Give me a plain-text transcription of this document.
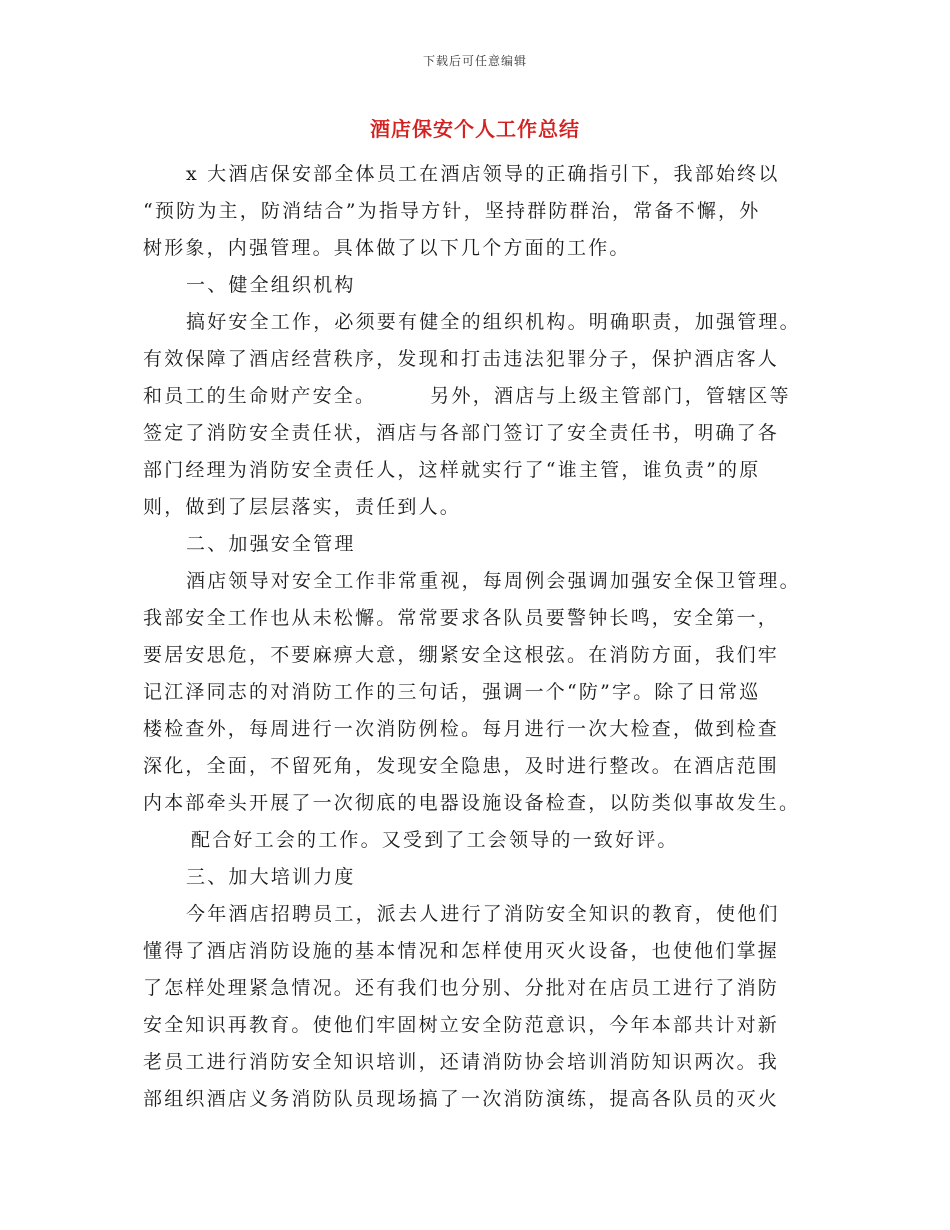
下载后可任意编辑
酒店保安个人工作总结
x 大酒店保安部全体员工在酒店领导的正确指引下，我部始终以
“预防为主，防消结合”为指导方针，坚持群防群治，常备不懈，外
树形象，内强管理。具体做了以下几个方面的工作。
一、健全组织机构
搞好安全工作，必须要有健全的组织机构。明确职责，加强管理。
有效保障了酒店经营秩序，发现和打击违法犯罪分子，保护酒店客人
和员工的生命财产安全。　　　另外，酒店与上级主管部门，管辖区等
签定了消防安全责任状，酒店与各部门签订了安全责任书，明确了各
部门经理为消防安全责任人，这样就实行了“谁主管，谁负责”的原
则，做到了层层落实，责任到人。
二、加强安全管理
酒店领导对安全工作非常重视，每周例会强调加强安全保卫管理。
我部安全工作也从未松懈。常常要求各队员要警钟长鸣，安全第一，
要居安思危，不要麻痹大意，绷紧安全这根弦。在消防方面，我们牢
记江泽同志的对消防工作的三句话，强调一个“防”字。除了日常巡
楼检查外，每周进行一次消防例检。每月进行一次大检查，做到检查
深化，全面，不留死角，发现安全隐患，及时进行整改。在酒店范围
内本部牵头开展了一次彻底的电器设施设备检查，以防类似事故发生。
配合好工会的工作。又受到了工会领导的一致好评。
三、加大培训力度
今年酒店招聘员工，派去人进行了消防安全知识的教育，使他们
懂得了酒店消防设施的基本情况和怎样使用灭火设备，也使他们掌握
了怎样处理紧急情况。还有我们也分别、分批对在店员工进行了消防
安全知识再教育。使他们牢固树立安全防范意识，今年本部共计对新
老员工进行消防安全知识培训，还请消防协会培训消防知识两次。我
部组织酒店义务消防队员现场搞了一次消防演练，提高各队员的灭火
